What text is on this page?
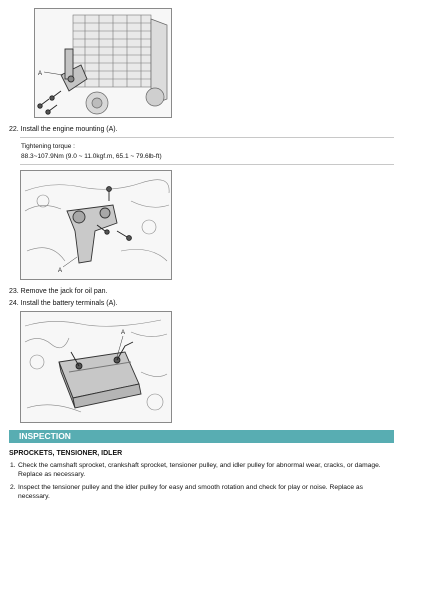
A
22. Install the engine mounting (A).
Tightening torque :
88.3~107.9Nm (9.0 ~ 11.0kgf.m, 65.1 ~ 79.6lb-ft)
A
23. Remove the jack for oil pan.
24. Install the battery terminals (A).
A
INSPECTION
SPROCKETS, TENSIONER, IDLER
1. Check the camshaft sprocket, crankshaft sprocket, tensioner pulley, and idler pulley for abnormal wear, cracks, or damage. Replace as necessary.
2. Inspect the tensioner pulley and the idler pulley for easy and smooth rotation and check for play or noise. Replace as necessary.
